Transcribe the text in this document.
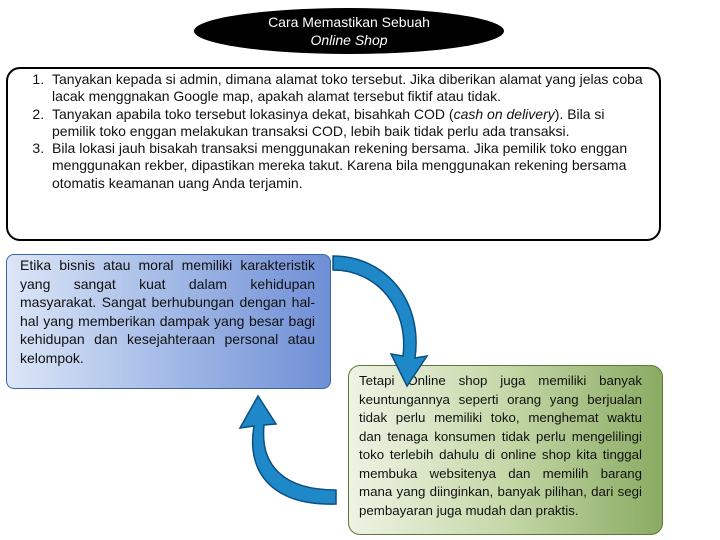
Cara Memastikan Sebuah
Online Shop
1. Tanyakan kepada si admin, dimana alamat toko tersebut. Jika diberikan alamat yang jelas coba lacak menggnakan Google map, apakah alamat tersebut fiktif atau tidak.
2. Tanyakan apabila toko tersebut lokasinya dekat, bisahkah COD (cash on delivery). Bila si pemilik toko enggan melakukan transaksi COD, lebih baik tidak perlu ada transaksi.
3. Bila lokasi jauh bisakah transaksi menggunakan rekening bersama. Jika pemilik toko enggan menggunakan rekber, dipastikan mereka takut. Karena bila menggunakan rekening bersama otomatis keamanan uang Anda terjamin.
Etika bisnis atau moral memiliki karakteristik yang sangat kuat dalam kehidupan masyarakat. Sangat berhubungan dengan hal-hal yang memberikan dampak yang besar bagi kehidupan dan kesejahteraan personal atau kelompok.
Tetapi Online shop juga memiliki banyak keuntungannya seperti orang yang berjualan tidak perlu memiliki toko, menghemat waktu dan tenaga konsumen tidak perlu mengelilingi toko terlebih dahulu di online shop kita tinggal membuka websitenya dan memilih barang mana yang diinginkan, banyak pilihan, dari segi pembayaran juga mudah dan praktis.
